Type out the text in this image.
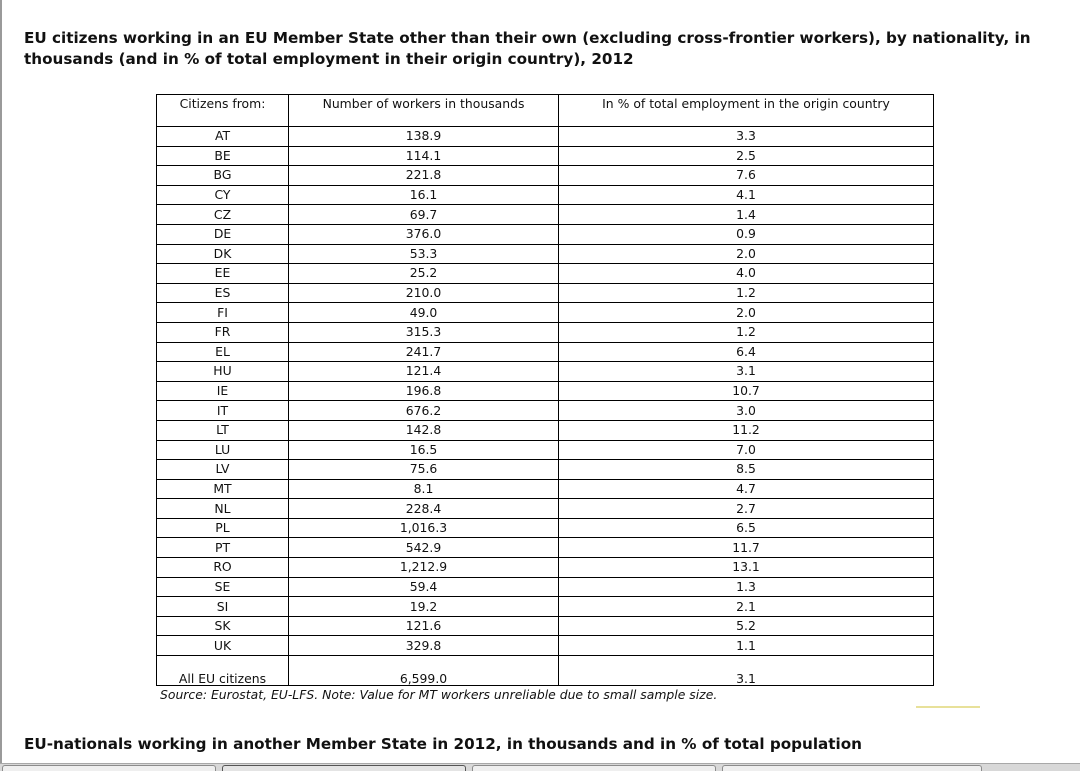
EU citizens working in an EU Member State other than their own (excluding cross-frontier workers), by nationality, in thousands (and in % of total employment in their origin country), 2012
Citizens from:	Number of workers in thousands	In % of total employment in the origin country
AT	138.9	3.3
BE	114.1	2.5
BG	221.8	7.6
CY	16.1	4.1
CZ	69.7	1.4
DE	376.0	0.9
DK	53.3	2.0
EE	25.2	4.0
ES	210.0	1.2
FI	49.0	2.0
FR	315.3	1.2
EL	241.7	6.4
HU	121.4	3.1
IE	196.8	10.7
IT	676.2	3.0
LT	142.8	11.2
LU	16.5	7.0
LV	75.6	8.5
MT	8.1	4.7
NL	228.4	2.7
PL	1,016.3	6.5
PT	542.9	11.7
RO	1,212.9	13.1
SE	59.4	1.3
SI	19.2	2.1
SK	121.6	5.2
UK	329.8	1.1
All EU citizens	6,599.0	3.1
Source: Eurostat, EU-LFS. Note: Value for MT workers unreliable due to small sample size.
EU-nationals working in another Member State in 2012, in thousands and in % of total population
